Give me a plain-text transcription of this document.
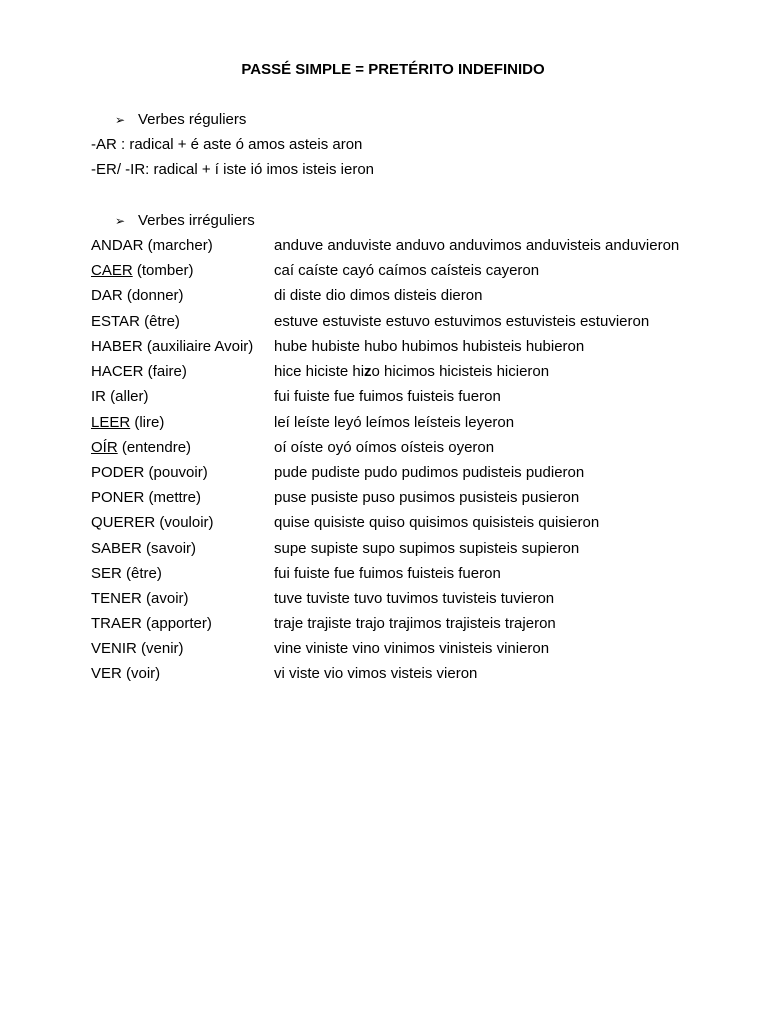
PASSÉ SIMPLE = PRETÉRITO INDEFINIDO
➢ Verbes réguliers
-AR : radical + é aste ó amos asteis aron
-ER/ -IR: radical + í iste ió imos isteis ieron
➢ Verbes irréguliers
ANDAR (marcher)	anduve anduviste anduvo anduvimos anduvisteis anduvieron
CAER (tomber)	caí caíste cayó caímos caísteis cayeron
DAR (donner)	di diste dio dimos disteis dieron
ESTAR (être)	estuve estuviste estuvo estuvimos estuvisteis estuvieron
HABER (auxiliaire Avoir) hube hubiste hubo hubimos hubisteis hubieron
HACER (faire)	hice hiciste hizo hicimos hicisteis hicieron
IR (aller)	fui fuiste fue fuimos fuisteis fueron
LEER (lire)	leí leíste leyó leímos leísteis leyeron
OÍR (entendre)	oí oíste oyó oímos oísteis oyeron
PODER (pouvoir)	pude pudiste pudo pudimos pudisteis pudieron
PONER (mettre)	puse pusiste puso pusimos pusisteis pusieron
QUERER (vouloir)	quise quisiste quiso quisimos quisisteis quisieron
SABER (savoir)	supe supiste supo supimos supisteis supieron
SER (être)	fui fuiste fue fuimos fuisteis fueron
TENER (avoir)	tuve tuviste tuvo tuvimos tuvisteis tuvieron
TRAER (apporter)	traje trajiste trajo trajimos trajisteis trajeron
VENIR (venir)	vine viniste vino vinimos vinisteis vinieron
VER (voir)	vi viste vio vimos visteis vieron
